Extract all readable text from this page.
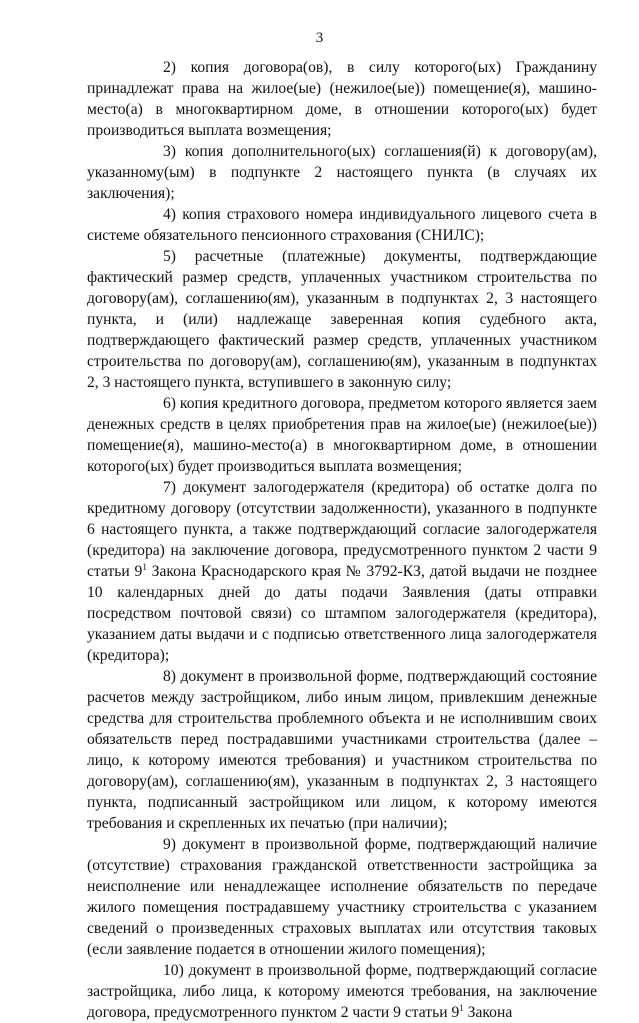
3

2) копия договора(ов), в силу которого(ых) Гражданину принадлежат права на жилое(ые) (нежилое(ые)) помещение(я), машино-место(а) в многоквартирном доме, в отношении которого(ых) будет производиться выплата возмещения;

3) копия дополнительного(ых) соглашения(й) к договору(ам), указанному(ым) в подпункте 2 настоящего пункта (в случаях их заключения);

4) копия страхового номера индивидуального лицевого счета в системе обязательного пенсионного страхования (СНИЛС);

5) расчетные (платежные) документы, подтверждающие фактический размер средств, уплаченных участником строительства по договору(ам), соглашению(ям), указанным в подпунктах 2, 3 настоящего пункта, и (или) надлежаще заверенная копия судебного акта, подтверждающего фактический размер средств, уплаченных участником строительства по договору(ам), соглашению(ям), указанным в подпунктах 2, 3 настоящего пункта, вступившего в законную силу;

6) копия кредитного договора, предметом которого является заем денежных средств в целях приобретения прав на жилое(ые) (нежилое(ые)) помещение(я), машино-место(а) в многоквартирном доме, в отношении которого(ых) будет производиться выплата возмещения;

7) документ залогодержателя (кредитора) об остатке долга по кредитному договору (отсутствии задолженности), указанного в подпункте 6 настоящего пункта, а также подтверждающий согласие залогодержателя (кредитора) на заключение договора, предусмотренного пунктом 2 части 9 статьи $9^1$ Закона Краснодарского края № 3792-КЗ, датой выдачи не позднее 10 календарных дней до даты подачи Заявления (даты отправки посредством почтовой связи) со штампом залогодержателя (кредитора), указанием даты выдачи и с подписью ответственного лица залогодержателя (кредитора);

8) документ в произвольной форме, подтверждающий состояние расчетов между застройщиком, либо иным лицом, привлекшим денежные средства для строительства проблемного объекта и не исполнившим своих обязательств перед пострадавшими участниками строительства (далее – лицо, к которому имеются требования) и участником строительства по договору(ам), соглашению(ям), указанным в подпунктах 2, 3 настоящего пункта, подписанный застройщиком или лицом, к которому имеются требования и скрепленных их печатью (при наличии);

9) документ в произвольной форме, подтверждающий наличие (отсутствие) страхования гражданской ответственности застройщика за неисполнение или ненадлежащее исполнение обязательств по передаче жилого помещения пострадавшему участнику строительства с указанием сведений о произведенных страховых выплатах или отсутствия таковых (если заявление подается в отношении жилого помещения);

10) документ в произвольной форме, подтверждающий согласие застройщика, либо лица, к которому имеются требования, на заключение договора, предусмотренного пунктом 2 части 9 статьи $9^1$ Закона
